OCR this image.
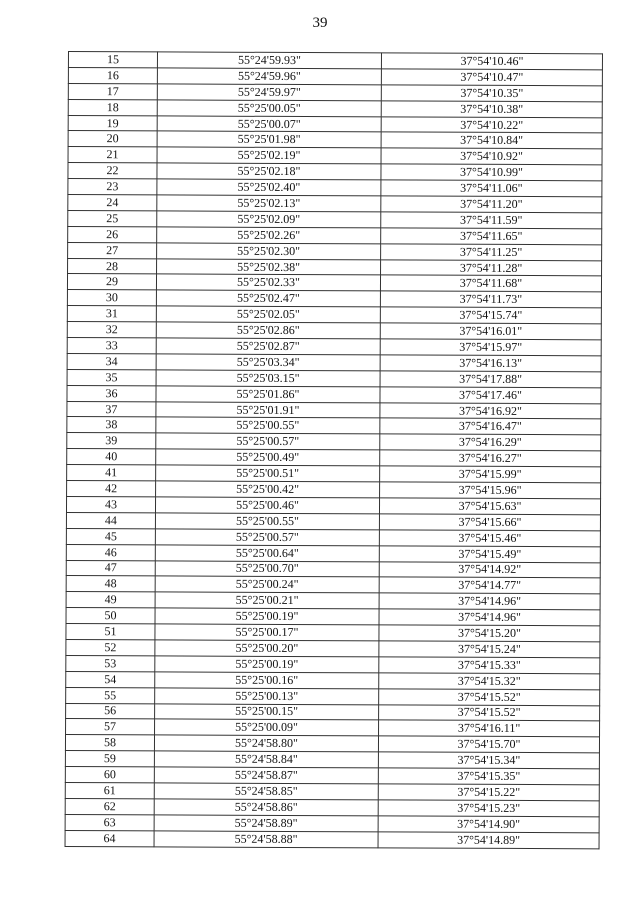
39
15	55°24'59.93"	37°54'10.46"
16	55°24'59.96"	37°54'10.47"
17	55°24'59.97"	37°54'10.35"
18	55°25'00.05"	37°54'10.38"
19	55°25'00.07"	37°54'10.22"
20	55°25'01.98"	37°54'10.84"
21	55°25'02.19"	37°54'10.92"
22	55°25'02.18"	37°54'10.99"
23	55°25'02.40"	37°54'11.06"
24	55°25'02.13"	37°54'11.20"
25	55°25'02.09"	37°54'11.59"
26	55°25'02.26"	37°54'11.65"
27	55°25'02.30"	37°54'11.25"
28	55°25'02.38"	37°54'11.28"
29	55°25'02.33"	37°54'11.68"
30	55°25'02.47"	37°54'11.73"
31	55°25'02.05"	37°54'15.74"
32	55°25'02.86"	37°54'16.01"
33	55°25'02.87"	37°54'15.97"
34	55°25'03.34"	37°54'16.13"
35	55°25'03.15"	37°54'17.88"
36	55°25'01.86"	37°54'17.46"
37	55°25'01.91"	37°54'16.92"
38	55°25'00.55"	37°54'16.47"
39	55°25'00.57"	37°54'16.29"
40	55°25'00.49"	37°54'16.27"
41	55°25'00.51"	37°54'15.99"
42	55°25'00.42"	37°54'15.96"
43	55°25'00.46"	37°54'15.63"
44	55°25'00.55"	37°54'15.66"
45	55°25'00.57"	37°54'15.46"
46	55°25'00.64"	37°54'15.49"
47	55°25'00.70"	37°54'14.92"
48	55°25'00.24"	37°54'14.77"
49	55°25'00.21"	37°54'14.96"
50	55°25'00.19"	37°54'14.96"
51	55°25'00.17"	37°54'15.20"
52	55°25'00.20"	37°54'15.24"
53	55°25'00.19"	37°54'15.33"
54	55°25'00.16"	37°54'15.32"
55	55°25'00.13"	37°54'15.52"
56	55°25'00.15"	37°54'15.52"
57	55°25'00.09"	37°54'16.11"
58	55°24'58.80"	37°54'15.70"
59	55°24'58.84"	37°54'15.34"
60	55°24'58.87"	37°54'15.35"
61	55°24'58.85"	37°54'15.22"
62	55°24'58.86"	37°54'15.23"
63	55°24'58.89"	37°54'14.90"
64	55°24'58.88"	37°54'14.89"
